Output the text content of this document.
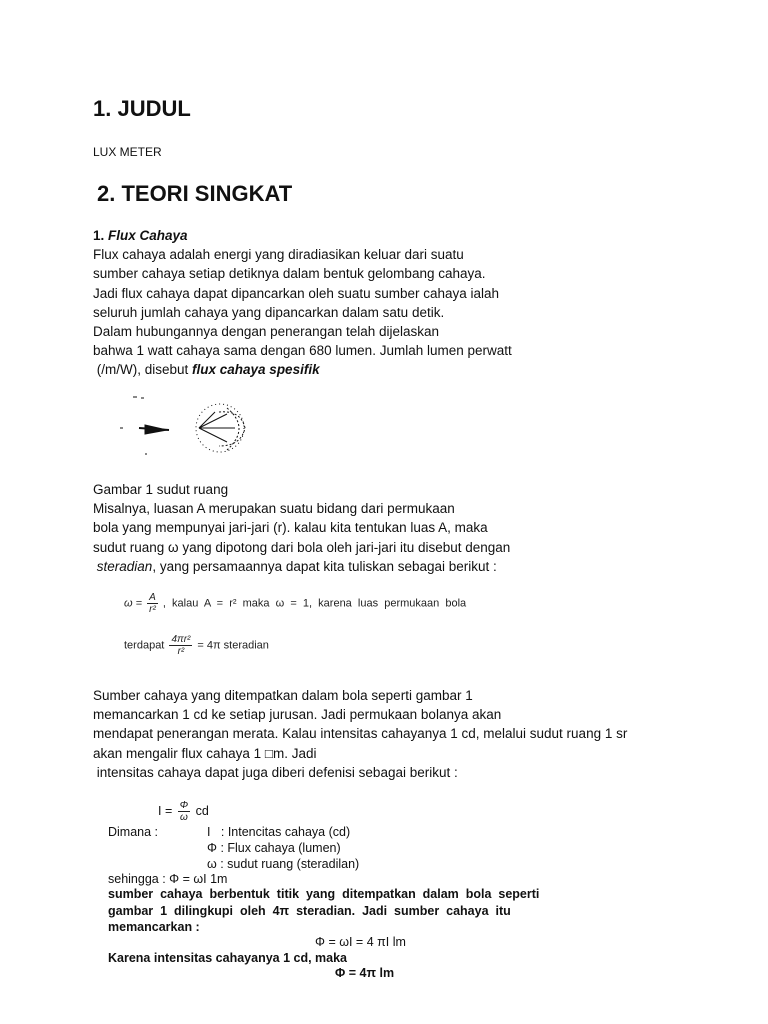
1. JUDUL
LUX METER
2. TEORI SINGKAT
1. Flux Cahaya
Flux cahaya adalah energi yang diradiasikan keluar dari suatu
sumber cahaya setiap detiknya dalam bentuk gelombang cahaya.
Jadi flux cahaya dapat dipancarkan oleh suatu sumber cahaya ialah
seluruh jumlah cahaya yang dipancarkan dalam satu detik.
Dalam hubungannya dengan penerangan telah dijelaskan
bahwa 1 watt cahaya sama dengan 680 lumen. Jumlah lumen perwatt
(/m/W), disebut flux cahaya spesifik
Gambar 1 sudut ruang
Misalnya, luasan A merupakan suatu bidang dari permukaan
bola yang mempunyai jari-jari (r). kalau kita tentukan luas A, maka
sudut ruang ω yang dipotong dari bola oleh jari-jari itu disebut dengan
steradian, yang persamaannya dapat kita tuliskan sebagai berikut :
$\omega = \frac{A}{\text{r²}}$ ,  kalau  A  =  r²  maka  ω  =  1,  karena  luas  permukaan  bola
terdapat $\frac{\text{4πr²}}{\text{r²}} = 4\pi$ steradian
Sumber cahaya yang ditempatkan dalam bola seperti gambar 1
memancarkan 1 cd ke setiap jurusan. Jadi permukaan bolanya akan
mendapat penerangan merata. Kalau intensitas cahayanya 1 cd, melalui sudut ruang 1 sr
akan mengalir flux cahaya 1 □m. Jadi
intensitas cahaya dapat juga diberi defenisi sebagai berikut :
$I = \frac{\Phi}{\omega}$ cd
Dimana :	I   : Intencitas cahaya (cd)
Φ : Flux cahaya (lumen)
ω : sudut ruang (steradilan)
sehingga : Φ = ωI 1m
sumber  cahaya  berbentuk  titik  yang  ditempatkan  dalam  bola  seperti
gambar  1  dilingkupi  oleh  4π  steradian.  Jadi  sumber  cahaya  itu
memancarkan :
Φ = ωI = 4 πI lm
Karena intensitas cahayanya 1 cd, maka
Φ = 4π lm
